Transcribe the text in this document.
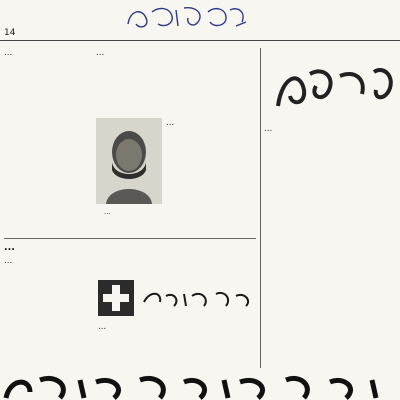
14

...	...

...

...

...

...

...

...
